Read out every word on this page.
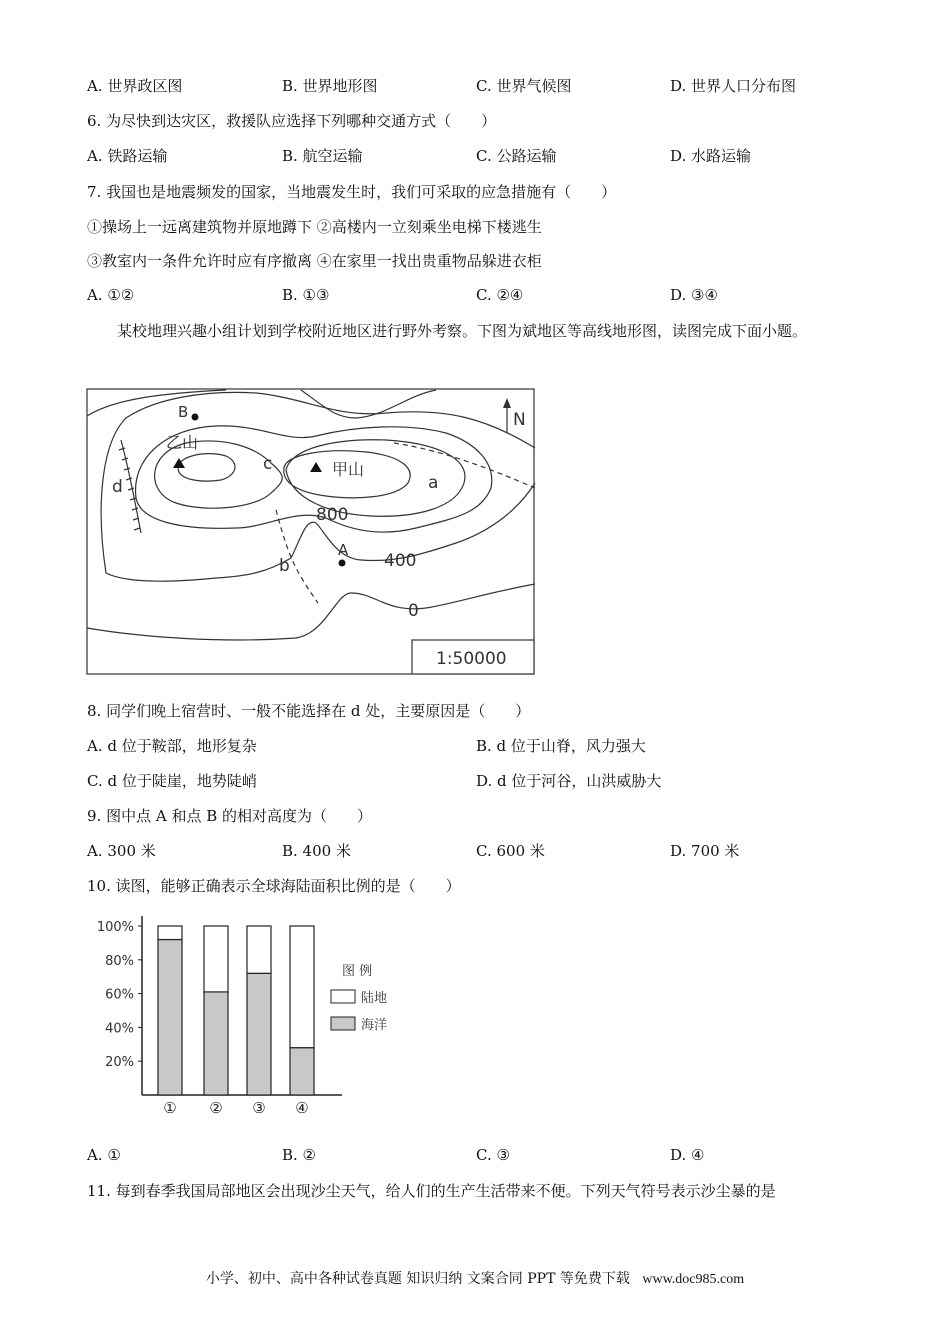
A. 世界政区图	B. 世界地形图	C. 世界气候图	D. 世界人口分布图
6. 为尽快到达灾区，救援队应选择下列哪种交通方式（　　）
A. 铁路运输	B. 航空运输	C. 公路运输	D. 水路运输
7. 我国也是地震频发的国家，当地震发生时，我们可采取的应急措施有（　　）
①操场上一远离建筑物并原地蹲下 ②高楼内一立刻乘坐电梯下楼逃生
③教室内一条件允许时应有序撤离 ④在家里一找出贵重物品躲进衣柜
A. ①②	B. ①③	C. ②④	D. ③④
某校地理兴趣小组计划到学校附近地区进行野外考察。下图为斌地区等高线地形图，读图完成下面小题。
N
乙山
甲山
B
A
c
a
b
d
800
400
0
1:50000
8. 同学们晚上宿营时、一般不能选择在 d 处，主要原因是（　　）
A. d 位于鞍部，地形复杂	B. d 位于山脊，风力强大
C. d 位于陡崖，地势陡峭	D. d 位于河谷，山洪威胁大
9. 图中点 A 和点 B 的相对高度为（　　）
A. 300 米	B. 400 米	C. 600 米	D. 700 米
10. 读图，能够正确表示全球海陆面积比例的是（　　）
100%
80%
60%
40%
20%
① ② ③ ④
图 例
陆地
海洋
A. ①	B. ②	C. ③	D. ④
11. 每到春季我国局部地区会出现沙尘天气，给人们的生产生活带来不便。下列天气符号表示沙尘暴的是
小学、初中、高中各种试卷真题 知识归纳 文案合同 PPT 等免费下载 www.doc985.com
